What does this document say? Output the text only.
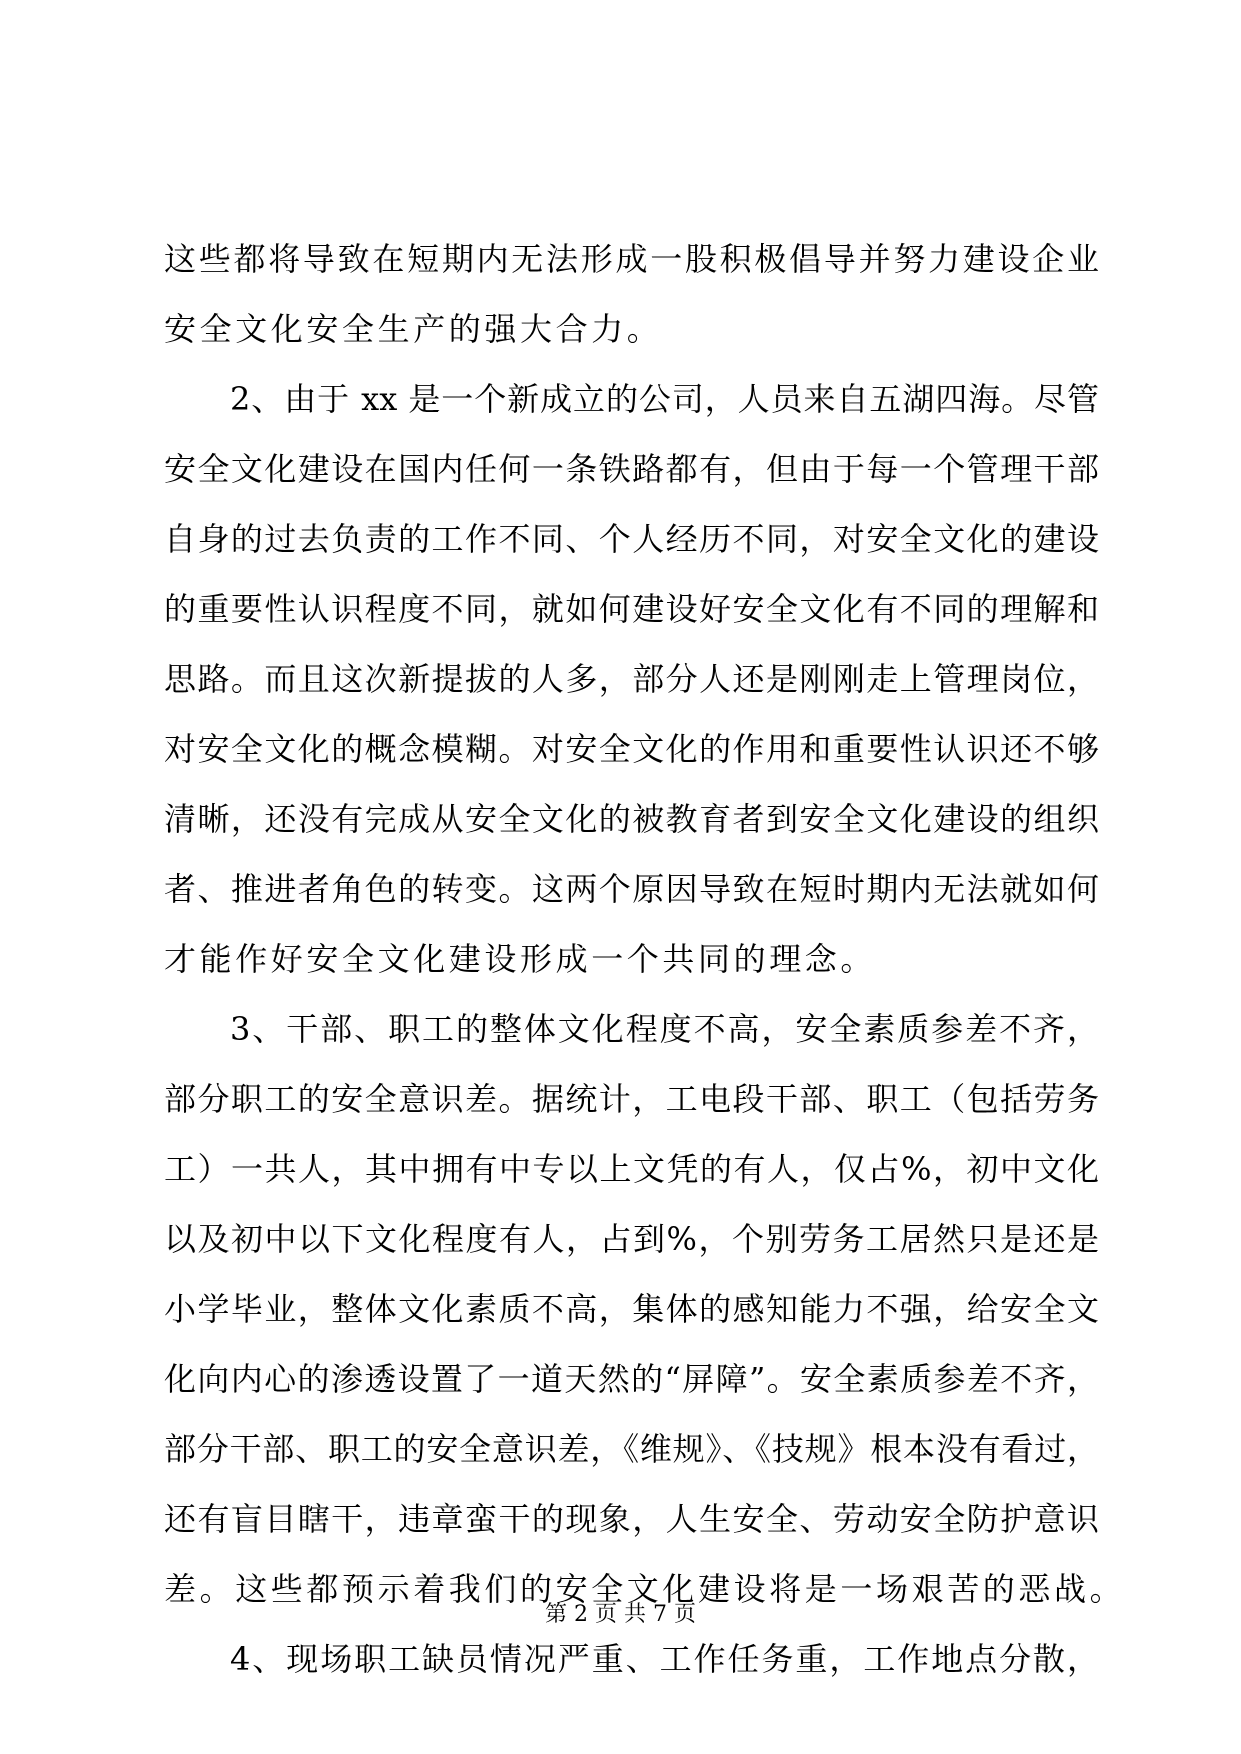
这些都将导致在短期内无法形成一股积极倡导并努力建设企业
安全文化安全生产的强大合力。
2、由于 xx 是一个新成立的公司，人员来自五湖四海。尽管
安全文化建设在国内任何一条铁路都有，但由于每一个管理干部
自身的过去负责的工作不同、个人经历不同，对安全文化的建设
的重要性认识程度不同，就如何建设好安全文化有不同的理解和
思路。而且这次新提拔的人多，部分人还是刚刚走上管理岗位，
对安全文化的概念模糊。对安全文化的作用和重要性认识还不够
清晰，还没有完成从安全文化的被教育者到安全文化建设的组织
者、推进者角色的转变。这两个原因导致在短时期内无法就如何
才能作好安全文化建设形成一个共同的理念。
3、干部、职工的整体文化程度不高，安全素质参差不齐，
部分职工的安全意识差。据统计，工电段干部、职工（包括劳务
工）一共人，其中拥有中专以上文凭的有人，仅占%，初中文化
以及初中以下文化程度有人，占到%，个别劳务工居然只是还是
小学毕业，整体文化素质不高，集体的感知能力不强，给安全文
化向内心的渗透设置了一道天然的“屏障”。安全素质参差不齐，
部分干部、职工的安全意识差，《维规》、《技规》根本没有看过，
还有盲目瞎干，违章蛮干的现象，人生安全、劳动安全防护意识
差。这些都预示着我们的安全文化建设将是一场艰苦的恶战。
4、现场职工缺员情况严重、工作任务重，工作地点分散，
第 2 页 共 7 页
